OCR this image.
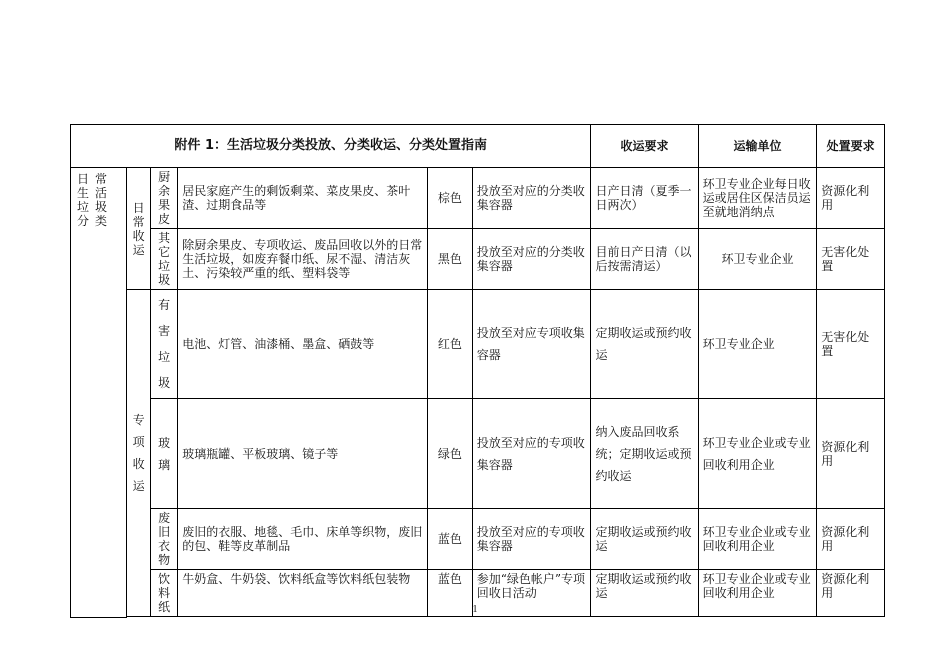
附件 1：生活垃圾分类投放、分类收运、分类处置指南						收运要求	运输单位	处置要求
日常生活垃圾分类	日常收运	厨余果皮	居民家庭产生的剩饭剩菜、菜皮果皮、茶叶渣、过期食品等	棕色	投放至对应的分类收集容器	日产日清（夏季一日两次）	环卫专业企业每日收运或居住区保洁员运至就地消纳点	资源化利用
		其它垃圾	除厨余果皮、专项收运、废品回收以外的日常生活垃圾，如废弃餐巾纸、尿不湿、清洁灰土、污染较严重的纸、塑料袋等	黑色	投放至对应的分类收集容器	目前日产日清（以后按需清运）	环卫专业企业	无害化处置
	专项收运	有害垃圾	电池、灯管、油漆桶、墨盒、硒鼓等	红色	投放至对应专项收集容器	定期收运或预约收运	环卫专业企业	无害化处置
		玻璃	玻璃瓶罐、平板玻璃、镜子等	绿色	投放至对应的专项收集容器	纳入废品回收系统；定期收运或预约收运	环卫专业企业或专业回收利用企业	资源化利用
		废旧衣物	废旧的衣服、地毯、毛巾、床单等织物，废旧的包、鞋等皮革制品	蓝色	投放至对应的专项收集容器	定期收运或预约收运	环卫专业企业或专业回收利用企业	资源化利用
		饮料纸	牛奶盒、牛奶袋、饮料纸盒等饮料纸包装物	蓝色	参加“绿色帐户”专项回收日活动	定期收运或预约收运	环卫专业企业或专业回收利用企业	资源化利用

1
